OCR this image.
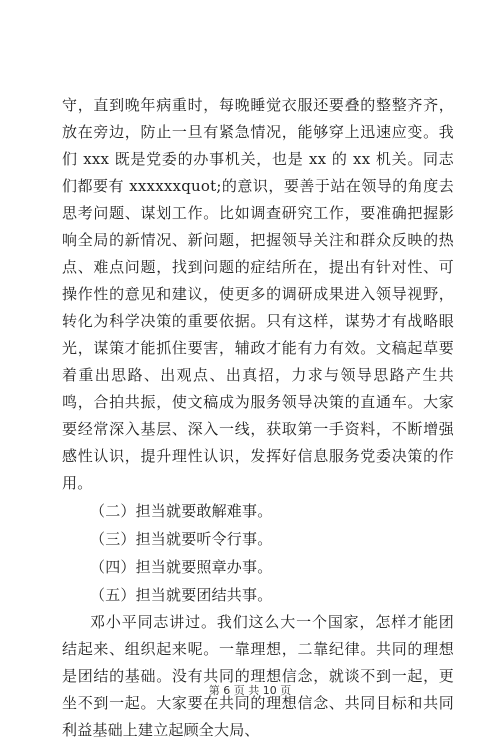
守，直到晚年病重时，每晚睡觉衣服还要叠的整整齐齐，放在旁边，防止一旦有紧急情况，能够穿上迅速应变。我们 xxx 既是党委的办事机关，也是 xx 的 xx 机关。同志们都要有 xxxxxxquot;的意识，要善于站在领导的角度去思考问题、谋划工作。比如调查研究工作，要准确把握影响全局的新情况、新问题，把握领导关注和群众反映的热点、难点问题，找到问题的症结所在，提出有针对性、可操作性的意见和建议，使更多的调研成果进入领导视野，转化为科学决策的重要依据。只有这样，谋势才有战略眼光，谋策才能抓住要害，辅政才能有力有效。文稿起草要着重出思路、出观点、出真招，力求与领导思路产生共鸣，合拍共振，使文稿成为服务领导决策的直通车。大家要经常深入基层、深入一线，获取第一手资料，不断增强感性认识，提升理性认识，发挥好信息服务党委决策的作用。

（二）担当就要敢解难事。

（三）担当就要听令行事。

（四）担当就要照章办事。

（五）担当就要团结共事。

邓小平同志讲过。我们这么大一个国家，怎样才能团结起来、组织起来呢。一靠理想，二靠纪律。共同的理想是团结的基础。没有共同的理想信念，就谈不到一起，更坐不到一起。大家要在共同的理想信念、共同目标和共同利益基础上建立起顾全大局、

第 6 页 共 10 页
